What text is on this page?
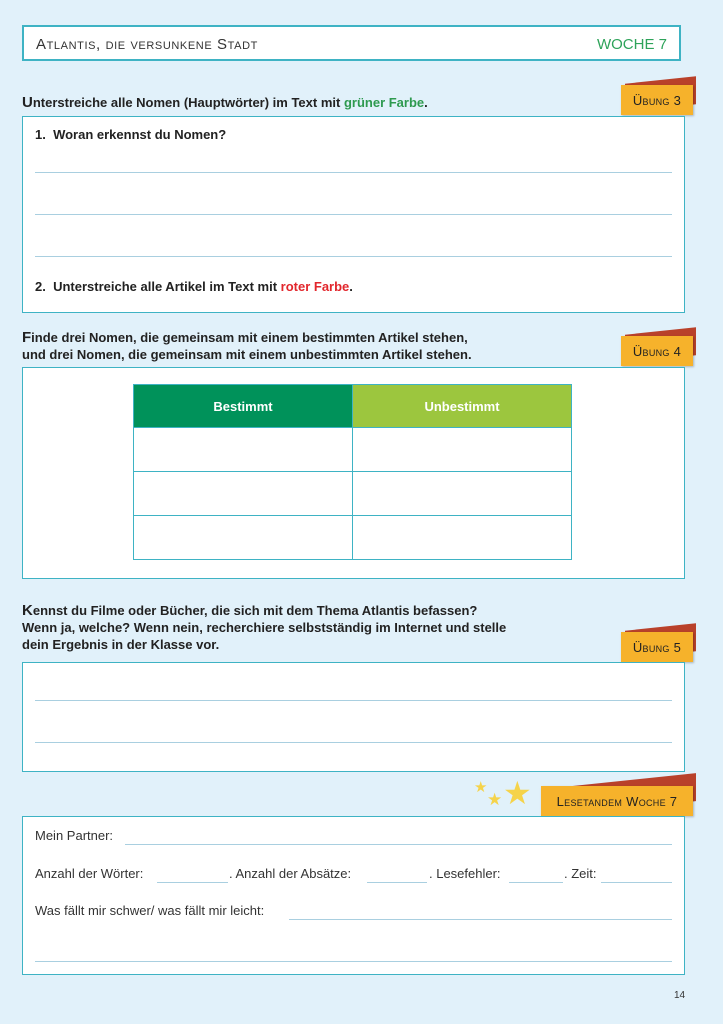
Atlantis, die versunkene Stadt	WOCHE 7
Übung 3
Unterstreiche alle Nomen (Hauptwörter) im Text mit grüner Farbe.
1. Woran erkennst du Nomen?
2. Unterstreiche alle Artikel im Text mit roter Farbe.
Übung 4
Finde drei Nomen, die gemeinsam mit einem bestimmten Artikel stehen,
und drei Nomen, die gemeinsam mit einem unbestimmten Artikel stehen.
Bestimmt	Unbestimmt

Kennst du Filme oder Bücher, die sich mit dem Thema Atlantis befassen?
Wenn ja, welche? Wenn nein, recherchiere selbstständig im Internet und stelle
dein Ergebnis in der Klasse vor.	Übung 5
★
★ ★	Lesetandem Woche 7
Mein Partner:
Anzahl der Wörter:	. Anzahl der Absätze:	. Lesefehler:	. Zeit:
Was fällt mir schwer/ was fällt mir leicht:
14
